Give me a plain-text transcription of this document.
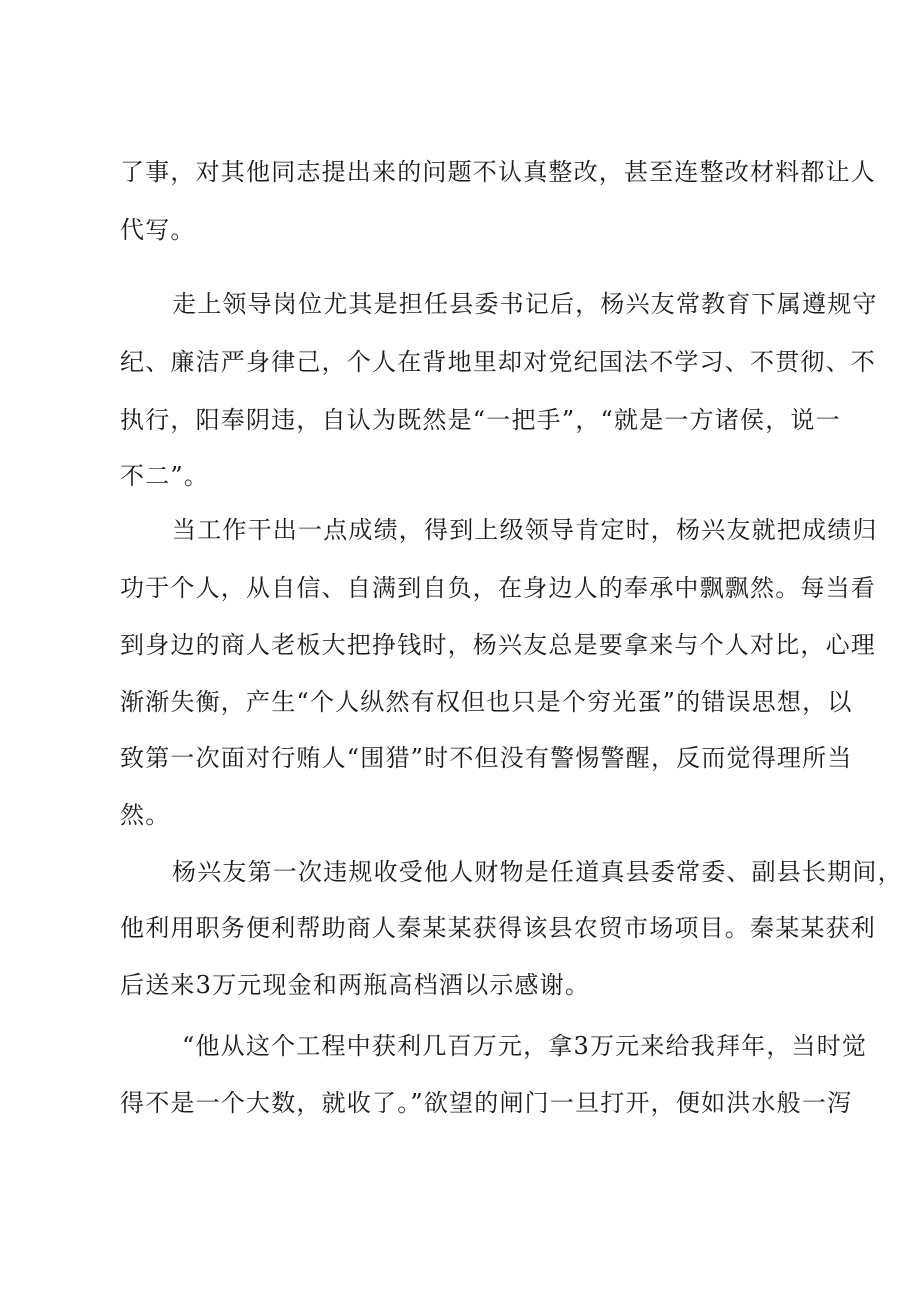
了事，对其他同志提出来的问题不认真整改，甚至连整改材料都让人
代写。
走上领导岗位尤其是担任县委书记后，杨兴友常教育下属遵规守
纪、廉洁严身律己，个人在背地里却对党纪国法不学习、不贯彻、不
执行，阳奉阴违，自认为既然是“一把手”，“就是一方诸侯，说一
不二”。
当工作干出一点成绩，得到上级领导肯定时，杨兴友就把成绩归
功于个人，从自信、自满到自负，在身边人的奉承中飘飘然。每当看
到身边的商人老板大把挣钱时，杨兴友总是要拿来与个人对比，心理
渐渐失衡，产生“个人纵然有权但也只是个穷光蛋”的错误思想，以
致第一次面对行贿人“围猎”时不但没有警惕警醒，反而觉得理所当
然。
杨兴友第一次违规收受他人财物是任道真县委常委、副县长期间，
他利用职务便利帮助商人秦某某获得该县农贸市场项目。秦某某获利
后送来3万元现金和两瓶高档酒以示感谢。
“他从这个工程中获利几百万元，拿3万元来给我拜年，当时觉
得不是一个大数，就收了。”欲望的闸门一旦打开，便如洪水般一泻
